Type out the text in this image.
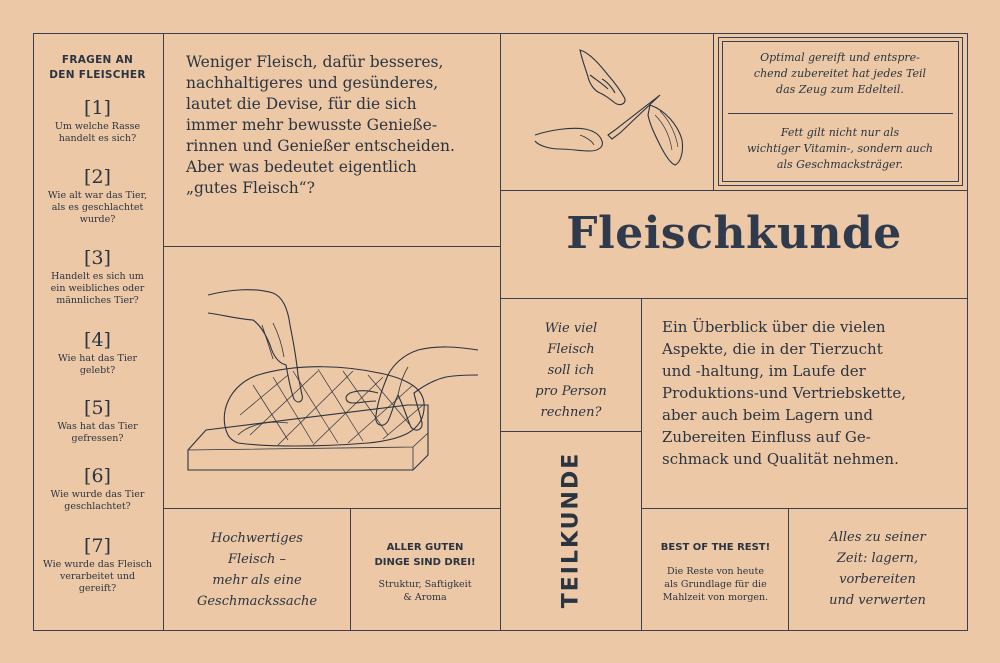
FRAGEN AN
DEN FLEISCHER
[1]
Um welche Rasse
handelt es sich?
[2]
Wie alt war das Tier,
als es geschlachtet
wurde?
[3]
Handelt es sich um
ein weibliches oder
männliches Tier?
[4]
Wie hat das Tier
gelebt?
[5]
Was hat das Tier
gefressen?
[6]
Wie wurde das Tier
geschlachtet?
[7]
Wie wurde das Fleisch
verarbeitet und
gereift?
Weniger Fleisch, dafür besseres,
nachhaltigeres und gesünderes,
lautet die Devise, für die sich
immer mehr bewusste Genieße-
rinnen und Genießer entscheiden.
Aber was bedeutet eigentlich
„gutes Fleisch“?
Optimal gereift und entspre-
chend zubereitet hat jedes Teil
das Zeug zum Edelteil.
Fett gilt nicht nur als
wichtiger Vitamin-, sondern auch
als Geschmacksträger.
Fleischkunde
Wie viel
Fleisch
soll ich
pro Person
rechnen?
Ein Überblick über die vielen
Aspekte, die in der Tierzucht
und -haltung, im Laufe der
Produktions-und Vertriebskette,
aber auch beim Lagern und
Zubereiten Einfluss auf Ge-
schmack und Qualität nehmen.
TEILKUNDE
Hochwertiges
Fleisch –
mehr als eine
Geschmackssache
ALLER GUTEN
DINGE SIND DREI!
Struktur, Saftigkeit
& Aroma
BEST OF THE REST!
Die Reste von heute
als Grundlage für die
Mahlzeit von morgen.
Alles zu seiner
Zeit: lagern,
vorbereiten
und verwerten
